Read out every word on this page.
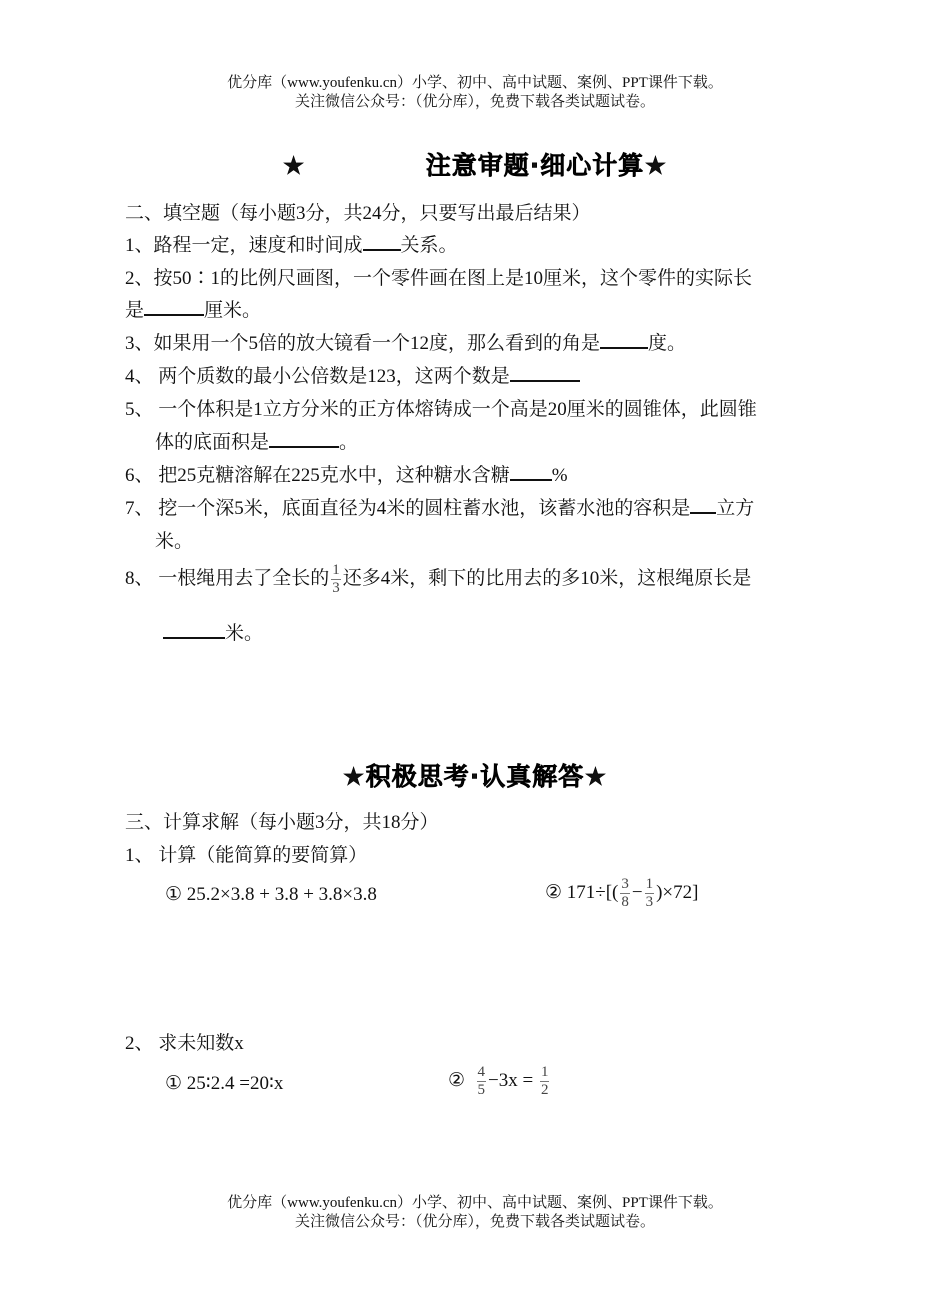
优分库（www.youfenku.cn）小学、初中、高中试题、案例、PPT课件下载。
关注微信公众号：（优分库），免费下载各类试题试卷。
★	注意审题·细心计算★
二、填空题（每小题3分，共24分，只要写出最后结果）
1、路程一定，速度和时间成 关系。
2、按50∶1的比例尺画图，一个零件画在图上是10厘米，这个零件的实际长
是	厘米。
3、如果用一个5倍的放大镜看一个12度，那么看到的角是	度。
4、 两个质数的最小公倍数是123，这两个数是
5、 一个体积是1立方分米的正方体熔铸成一个高是20厘米的圆锥体，此圆锥
体的底面积是	。
6、 把25克糖溶解在225克水中，这种糖水含糖 %
7、 挖一个深5米，底面直径为4米的圆柱蓄水池，该蓄水池的容积是 立方
米。
8、 一根绳用去了全长的 $\frac{1}{3}$ 还多4米，剩下的比用去的多10米，这根绳原长是
米。
★积极思考·认真解答★
三、计算求解（每小题3分，共18分）
1、 计算（能简算的要简算）
① 25.2×3.8 + 3.8 + 3.8×3.8	② $171\div[( \frac{3}{8} - \frac{1}{3} )\times 72]$
2、 求未知数x
① 25∶2.4 =20∶x	② $\frac{4}{5} -3x = \frac{1}{2}$
优分库（www.youfenku.cn）小学、初中、高中试题、案例、PPT课件下载。
关注微信公众号：（优分库），免费下载各类试题试卷。
